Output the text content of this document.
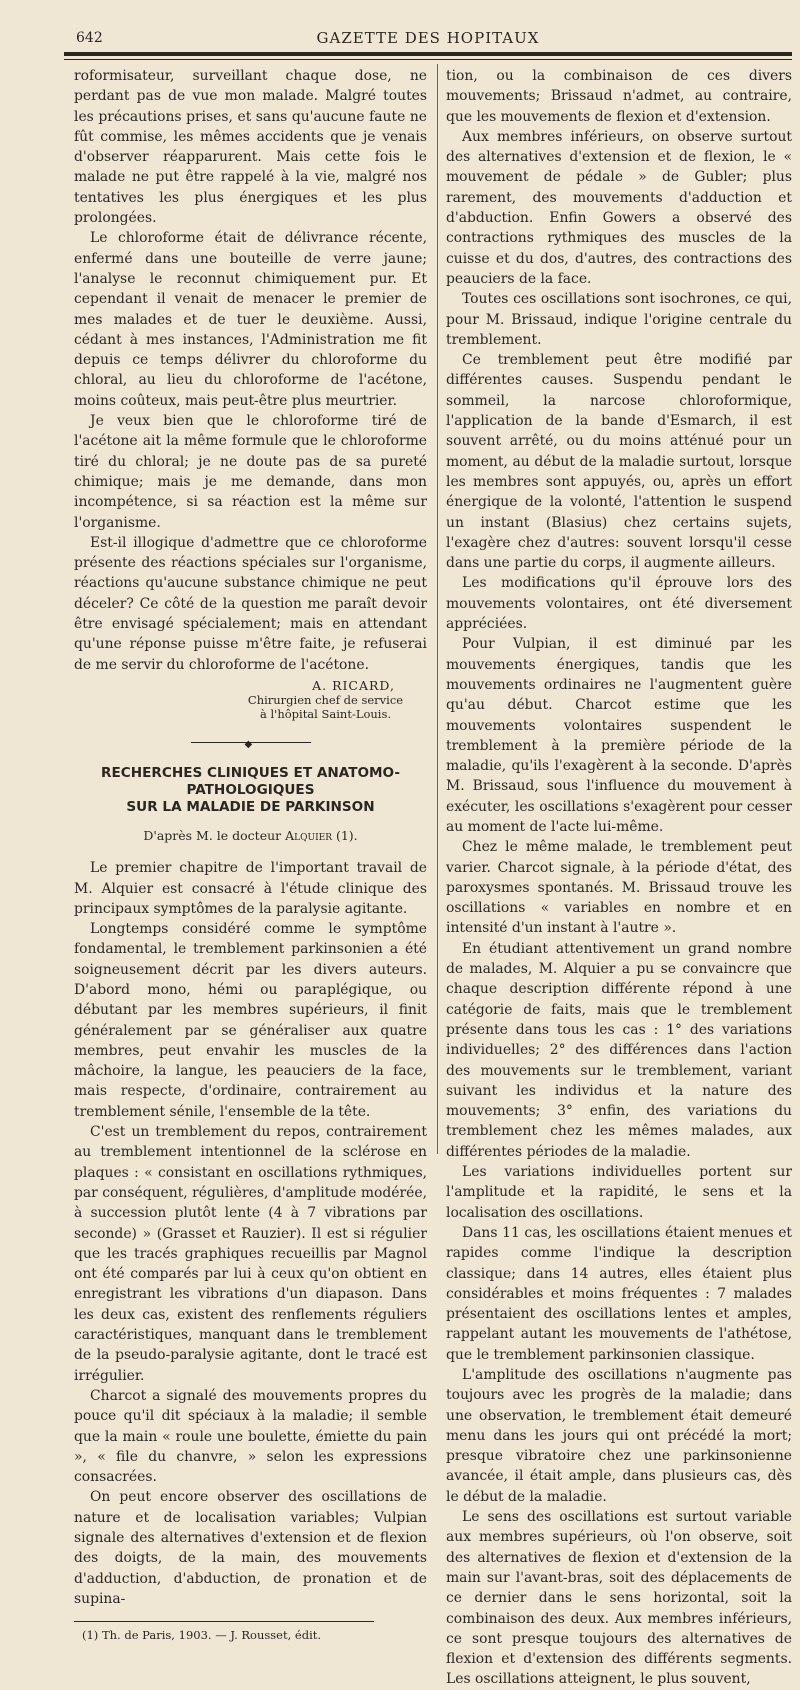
642	GAZETTE DES HOPITAUX

roformisateur, surveillant chaque dose, ne perdant pas de vue mon malade. Malgré toutes les précautions prises, et sans qu'aucune faute ne fût commise, les mêmes accidents que je venais d'observer réapparurent. Mais cette fois le malade ne put être rappelé à la vie, malgré nos tentatives les plus énergiques et les plus prolongées.

Le chloroforme était de délivrance récente, enfermé dans une bouteille de verre jaune; l'analyse le reconnut chimiquement pur. Et cependant il venait de menacer le premier de mes malades et de tuer le deuxième. Aussi, cédant à mes instances, l'Administration me fit depuis ce temps délivrer du chloroforme du chloral, au lieu du chloroforme de l'acétone, moins coûteux, mais peut-être plus meurtrier.

Je veux bien que le chloroforme tiré de l'acétone ait la même formule que le chloroforme tiré du chloral; je ne doute pas de sa pureté chimique; mais je me demande, dans mon incompétence, si sa réaction est la même sur l'organisme.

Est-il illogique d'admettre que ce chloroforme présente des réactions spéciales sur l'organisme, réactions qu'aucune substance chimique ne peut déceler? Ce côté de la question me paraît devoir être envisagé spécialement; mais en attendant qu'une réponse puisse m'être faite, je refuserai de me servir du chloroforme de l'acétone.

A. RICARD,
Chirurgien chef de service
à l'hôpital Saint-Louis.

◆
RECHERCHES CLINIQUES ET ANATOMO-PATHOLOGIQUES
SUR LA MALADIE DE PARKINSON
D'après M. le docteur Alquier (1).

Le premier chapitre de l'important travail de M. Alquier est consacré à l'étude clinique des principaux symptômes de la paralysie agitante.

Longtemps considéré comme le symptôme fondamental, le tremblement parkinsonien a été soigneusement décrit par les divers auteurs. D'abord mono, hémi ou paraplégique, ou débutant par les membres supérieurs, il finit généralement par se généraliser aux quatre membres, peut envahir les muscles de la mâchoire, la langue, les peauciers de la face, mais respecte, d'ordinaire, contrairement au tremblement sénile, l'ensemble de la tête.

C'est un tremblement du repos, contrairement au tremblement intentionnel de la sclérose en plaques : « consistant en oscillations rythmiques, par conséquent, régulières, d'amplitude modérée, à succession plutôt lente (4 à 7 vibrations par seconde) » (Grasset et Rauzier). Il est si régulier que les tracés graphiques recueillis par Magnol ont été comparés par lui à ceux qu'on obtient en enregistrant les vibrations d'un diapason. Dans les deux cas, existent des renflements réguliers caractéristiques, manquant dans le tremblement de la pseudo-paralysie agitante, dont le tracé est irrégulier.

Charcot a signalé des mouvements propres du pouce qu'il dit spéciaux à la maladie; il semble que la main « roule une boulette, émiette du pain », « file du chanvre, » selon les expressions consacrées.

On peut encore observer des oscillations de nature et de localisation variables; Vulpian signale des alternatives d'extension et de flexion des doigts, de la main, des mouvements d'adduction, d'abduction, de pronation et de supina-

(1) Th. de Paris, 1903. — J. Rousset, édit.

tion, ou la combinaison de ces divers mouvements; Brissaud n'admet, au contraire, que les mouvements de flexion et d'extension.

Aux membres inférieurs, on observe surtout des alternatives d'extension et de flexion, le « mouvement de pédale » de Gubler; plus rarement, des mouvements d'adduction et d'abduction. Enfin Gowers a observé des contractions rythmiques des muscles de la cuisse et du dos, d'autres, des contractions des peauciers de la face.

Toutes ces oscillations sont isochrones, ce qui, pour M. Brissaud, indique l'origine centrale du tremblement.

Ce tremblement peut être modifié par différentes causes. Suspendu pendant le sommeil, la narcose chloroformique, l'application de la bande d'Esmarch, il est souvent arrêté, ou du moins atténué pour un moment, au début de la maladie surtout, lorsque les membres sont appuyés, ou, après un effort énergique de la volonté, l'attention le suspend un instant (Blasius) chez certains sujets, l'exagère chez d'autres: souvent lorsqu'il cesse dans une partie du corps, il augmente ailleurs.

Les modifications qu'il éprouve lors des mouvements volontaires, ont été diversement appréciées.

Pour Vulpian, il est diminué par les mouvements énergiques, tandis que les mouvements ordinaires ne l'augmentent guère qu'au début. Charcot estime que les mouvements volontaires suspendent le tremblement à la première période de la maladie, qu'ils l'exagèrent à la seconde. D'après M. Brissaud, sous l'influence du mouvement à exécuter, les oscillations s'exagèrent pour cesser au moment de l'acte lui-même.

Chez le même malade, le tremblement peut varier. Charcot signale, à la période d'état, des paroxysmes spontanés. M. Brissaud trouve les oscillations « variables en nombre et en intensité d'un instant à l'autre ».

En étudiant attentivement un grand nombre de malades, M. Alquier a pu se convaincre que chaque description différente répond à une catégorie de faits, mais que le tremblement présente dans tous les cas : 1° des variations individuelles; 2° des différences dans l'action des mouvements sur le tremblement, variant suivant les individus et la nature des mouvements; 3° enfin, des variations du tremblement chez les mêmes malades, aux différentes périodes de la maladie.

Les variations individuelles portent sur l'amplitude et la rapidité, le sens et la localisation des oscillations.

Dans 11 cas, les oscillations étaient menues et rapides comme l'indique la description classique; dans 14 autres, elles étaient plus considérables et moins fréquentes : 7 malades présentaient des oscillations lentes et amples, rappelant autant les mouvements de l'athétose, que le tremblement parkinsonien classique.

L'amplitude des oscillations n'augmente pas toujours avec les progrès de la maladie; dans une observation, le tremblement était demeuré menu dans les jours qui ont précédé la mort; presque vibratoire chez une parkinsonienne avancée, il était ample, dans plusieurs cas, dès le début de la maladie.

Le sens des oscillations est surtout variable aux membres supérieurs, où l'on observe, soit des alternatives de flexion et d'extension de la main sur l'avant-bras, soit des déplacements de ce dernier dans le sens horizontal, soit la combinaison des deux. Aux membres inférieurs, ce sont presque toujours des alternatives de flexion et d'extension des différents segments. Les oscillations atteignent, le plus souvent,
